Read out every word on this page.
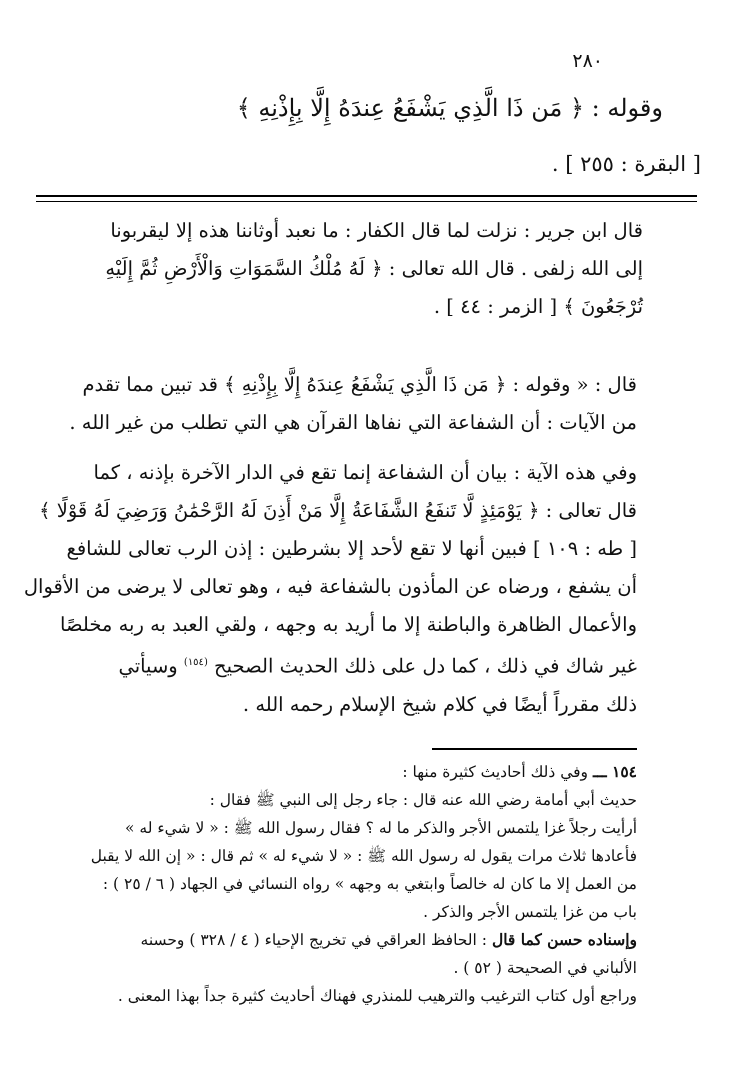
٢٨٠
وقوله : ﴿ مَن ذَا الَّذِي يَشْفَعُ عِندَهُ إِلَّا بِإِذْنِهِ ﴾
[ البقرة : ٢٥٥ ] .
قال ابن جرير : نزلت لما قال الكفار : ما نعبد أوثاننا هذه إلا ليقربونا
إلى الله زلفى . قال الله تعالى : ﴿ لَهُ مُلْكُ السَّمَوَاتِ وَالْأَرْضِ ثُمَّ إِلَيْهِ
تُرْجَعُونَ ﴾ [ الزمر : ٤٤ ] .
قال : « وقوله : ﴿ مَن ذَا الَّذِي يَشْفَعُ عِندَهُ إِلَّا بِإِذْنِهِ ﴾ قد تبين مما تقدم
من الآيات : أن الشفاعة التي نفاها القرآن هي التي تطلب من غير الله .
وفي هذه الآية : بيان أن الشفاعة إنما تقع في الدار الآخرة بإذنه ، كما
قال تعالى : ﴿ يَوْمَئِذٍ لَّا تَنفَعُ الشَّفَاعَةُ إِلَّا مَنْ أَذِنَ لَهُ الرَّحْمَٰنُ وَرَضِيَ لَهُ قَوْلًا ﴾
[ طه : ١٠٩ ] فبين أنها لا تقع لأحد إلا بشرطين : إذن الرب تعالى للشافع
أن يشفع ، ورضاه عن المأذون بالشفاعة فيه ، وهو تعالى لا يرضى من الأقوال
والأعمال الظاهرة والباطنة إلا ما أريد به وجهه ، ولقي العبد به ربه مخلصًا
غير شاك في ذلك ، كما دل على ذلك الحديث الصحيح $^{(١٥٤)}$ وسيأتي
ذلك مقرراً أيضًا في كلام شيخ الإسلام رحمه الله .
١٥٤ ـــ وفي ذلك أحاديث كثيرة منها :
حديث أبي أمامة رضي الله عنه قال : جاء رجل إلى النبي ﷺ فقال :
أرأيت رجلاً غزا يلتمس الأجر والذكر ما له ؟ فقال رسول الله ﷺ : « لا شيء له »
فأعادها ثلاث مرات يقول له رسول الله ﷺ : « لا شيء له » ثم قال : « إن الله لا يقبل
من العمل إلا ما كان له خالصاً وابتغي به وجهه » رواه النسائي في الجهاد ( ٦ / ٢٥ ) :
باب من غزا يلتمس الأجر والذكر .
وإسناده حسن كما قال : الحافظ العراقي في تخريج الإحياء ( ٤ / ٣٢٨ ) وحسنه
الألباني في الصحيحة ( ٥٢ ) .
وراجع أول كتاب الترغيب والترهيب للمنذري فهناك أحاديث كثيرة جداً بهذا المعنى .
